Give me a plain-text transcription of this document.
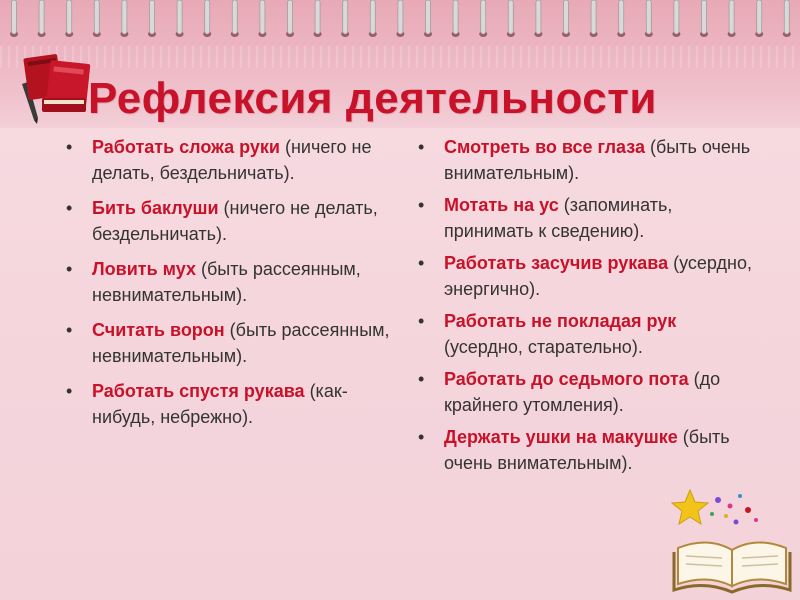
Рефлексия деятельности
• Работать сложа руки (ничего не делать, бездельничать).
• Бить баклуши (ничего не делать, бездельничать).
• Ловить мух (быть рассеянным, невнимательным).
• Считать ворон (быть рассеянным, невнимательным).
• Работать спустя рукава (как-нибудь, небрежно).
• Смотреть во все глаза (быть очень внимательным).
• Мотать на ус (запоминать, принимать к сведению).
• Работать засучив рукава (усердно, энергично).
• Работать не покладая рук (усердно, старательно).
• Работать до седьмого пота (до крайнего утомления).
• Держать ушки на макушке (быть очень внимательным).
